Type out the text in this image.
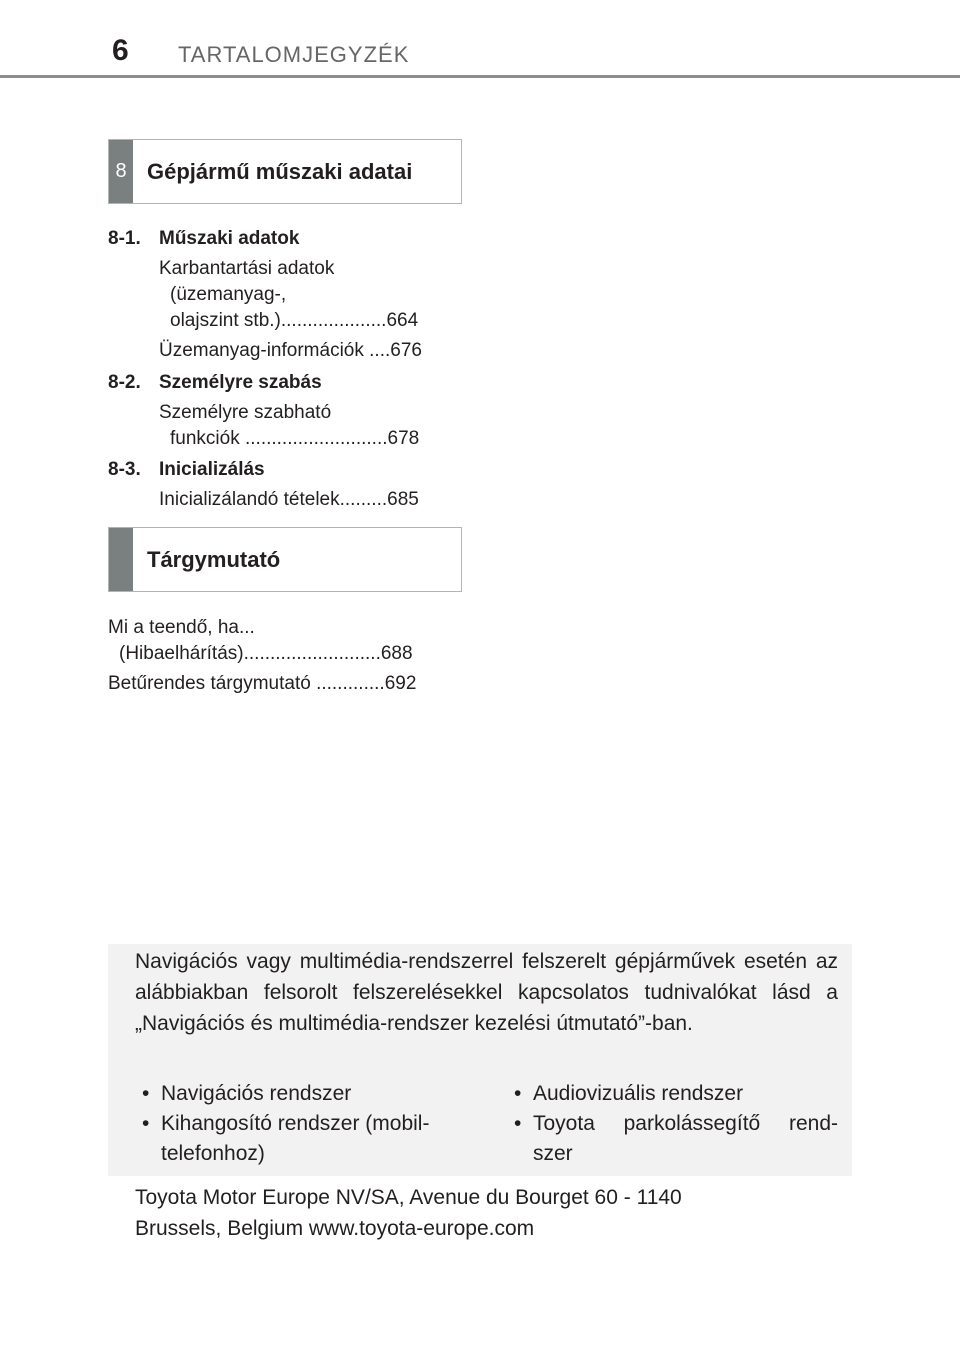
6 TARTALOMJEGYZÉK
8 Gépjármű műszaki adatai
8-1. Műszaki adatok
Karbantartási adatok
(üzemanyag-,
olajszint stb.)....................664
Üzemanyag-információk ....676
8-2. Személyre szabás
Személyre szabható
funkciók ...........................678
8-3. Inicializálás
Inicializálandó tételek.........685
Tárgymutató
Mi a teendő, ha...
(Hibaelhárítás)..........................688
Betűrendes tárgymutató .............692
Navigációs vagy multimédia-rendszerrel felszerelt gépjárművek esetén az alábbiakban felsorolt felszerelésekkel kapcsolatos tudnivalókat lásd a „Navigációs és multimédia-rendszer kezelési útmutató”-ban.
• Navigációs rendszer
• Kihangosító rendszer (mobil-
telefonhoz)
• Audiovizuális rendszer
• Toyota parkolássegítő rend-
szer
Toyota Motor Europe NV/SA, Avenue du Bourget 60 - 1140
Brussels, Belgium www.toyota-europe.com
